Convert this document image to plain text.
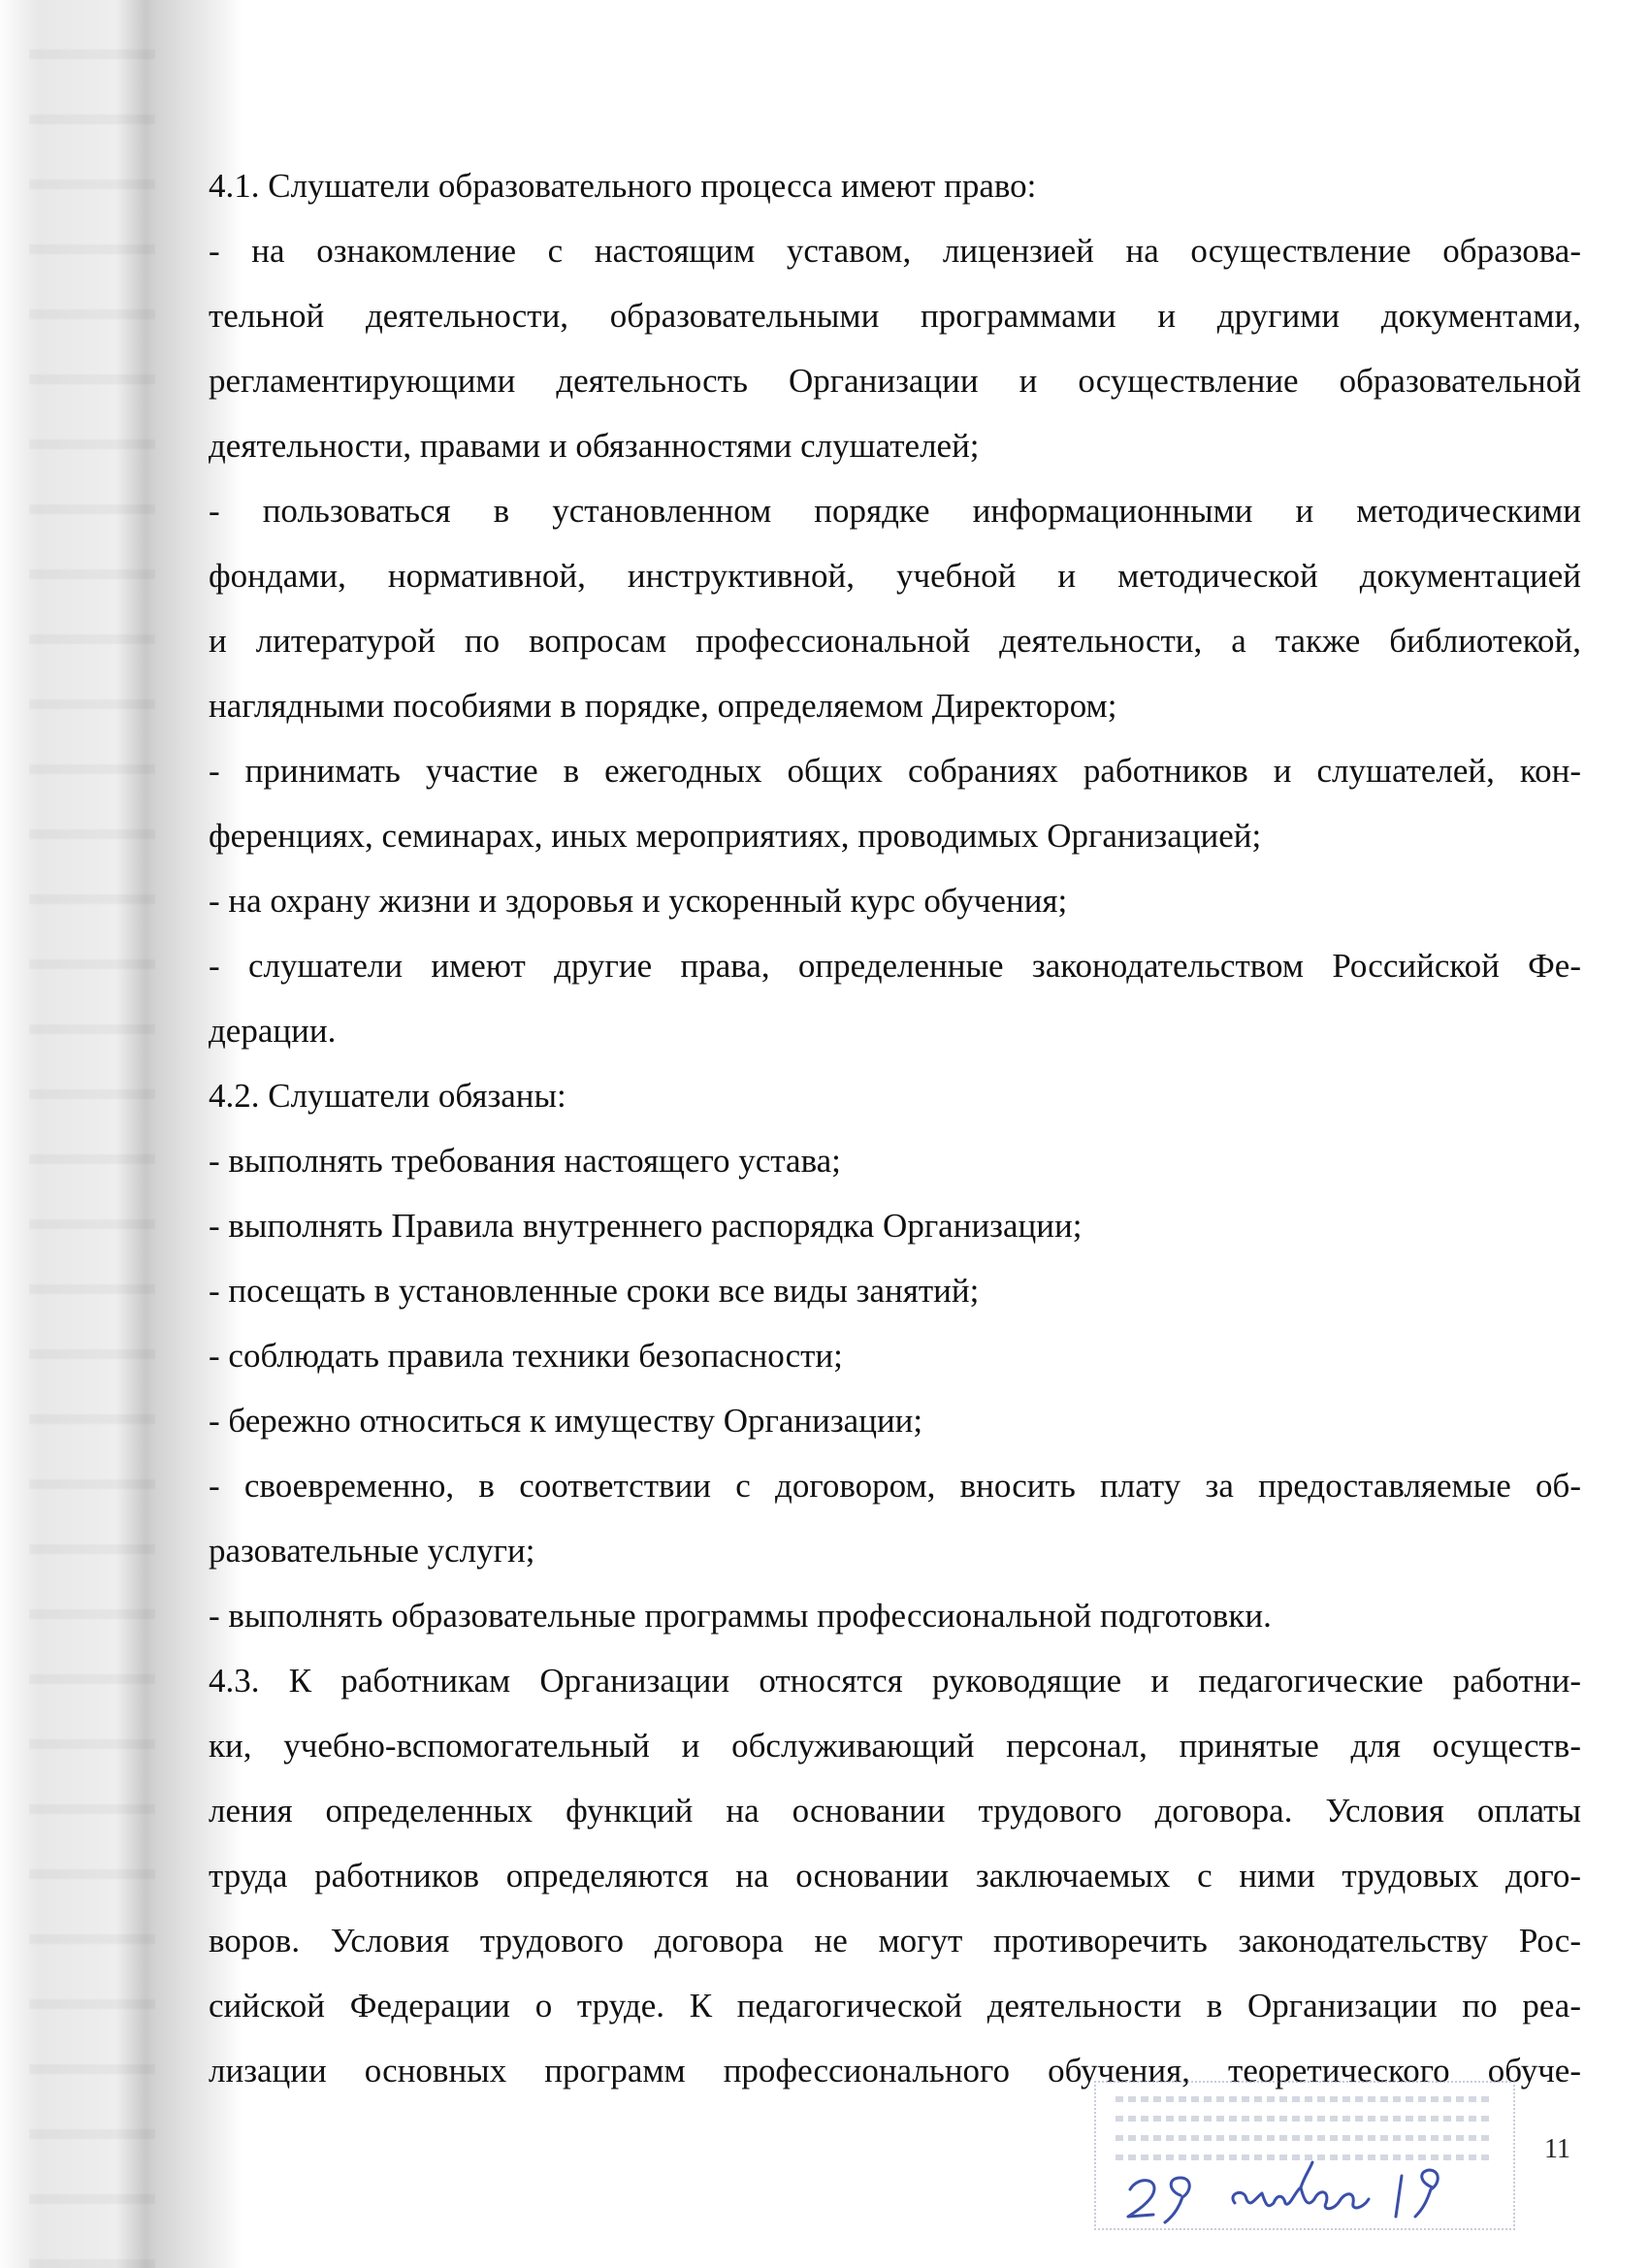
4.1. Слушатели образовательного процесса имеют право:
- на ознакомление с настоящим уставом, лицензией на осуществление образова-
тельной деятельности, образовательными программами и другими документами,
регламентирующими деятельность Организации и осуществление образовательной
деятельности, правами и обязанностями слушателей;
- пользоваться в установленном порядке информационными и методическими
фондами, нормативной, инструктивной, учебной и методической документацией
и литературой по вопросам профессиональной деятельности, а также библиотекой,
наглядными пособиями в порядке, определяемом Директором;
- принимать участие в ежегодных общих собраниях работников и слушателей, кон-
ференциях, семинарах, иных мероприятиях, проводимых Организацией;
- на охрану жизни и здоровья и ускоренный курс обучения;
- слушатели имеют другие права, определенные законодательством Российской Фе-
дерации.
4.2. Слушатели обязаны:
- выполнять требования настоящего устава;
- выполнять Правила внутреннего распорядка Организации;
- посещать в установленные сроки все виды занятий;
- соблюдать правила техники безопасности;
- бережно относиться к имуществу Организации;
- своевременно, в соответствии с договором, вносить плату за предоставляемые об-
разовательные услуги;
- выполнять образовательные программы профессиональной подготовки.
4.3. К работникам Организации относятся руководящие и педагогические работни-
ки, учебно-вспомогательный и обслуживающий персонал, принятые для осуществ-
ления определенных функций на основании трудового договора. Условия оплаты
труда работников определяются на основании заключаемых с ними трудовых дого-
воров. Условия трудового договора не могут противоречить законодательству Рос-
сийской Федерации о труде. К педагогической деятельности в Организации по реа-
лизации основных программ профессионального обучения, теоретического обуче-
11
